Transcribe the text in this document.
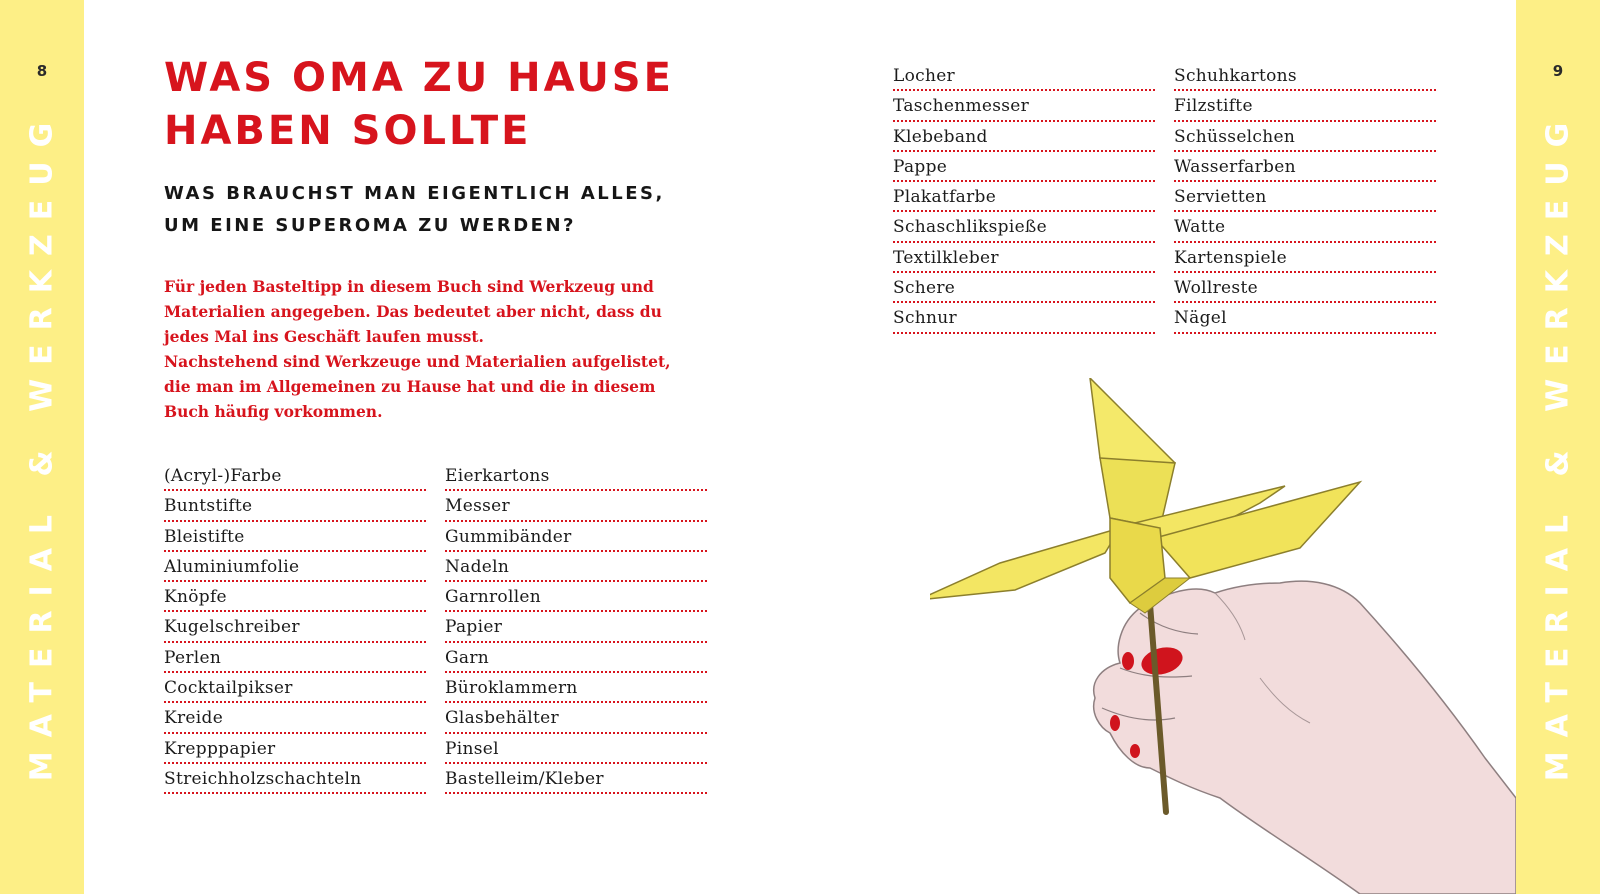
8
MATERIAL & WERKZEUG
9
MATERIAL & WERKZEUG
WAS OMA ZU HAUSE
HABEN SOLLTE
WAS BRAUCHST MAN EIGENTLICH ALLES,
UM EINE SUPEROMA ZU WERDEN?

Für jeden Basteltipp in diesem Buch sind Werkzeug und
Materialien angegeben. Das bedeutet aber nicht, dass du
jedes Mal ins Geschäft laufen musst.
Nachstehend sind Werkzeuge und Materialien aufgelistet,
die man im Allgemeinen zu Hause hat und die in diesem
Buch häufig vorkommen.

(Acryl-)Farbe
Buntstifte
Bleistifte
Aluminiumfolie
Knöpfe
Kugelschreiber
Perlen
Cocktailpikser
Kreide
Krepppapier
Streichholzschachteln
Eierkartons
Messer
Gummibänder
Nadeln
Garnrollen
Papier
Garn
Büroklammern
Glasbehälter
Pinsel
Bastelleim/Kleber
Locher
Taschenmesser
Klebeband
Pappe
Plakatfarbe
Schaschlikspieße
Textilkleber
Schere
Schnur
Schuhkartons
Filzstifte
Schüsselchen
Wasserfarben
Servietten
Watte
Kartenspiele
Wollreste
Nägel
